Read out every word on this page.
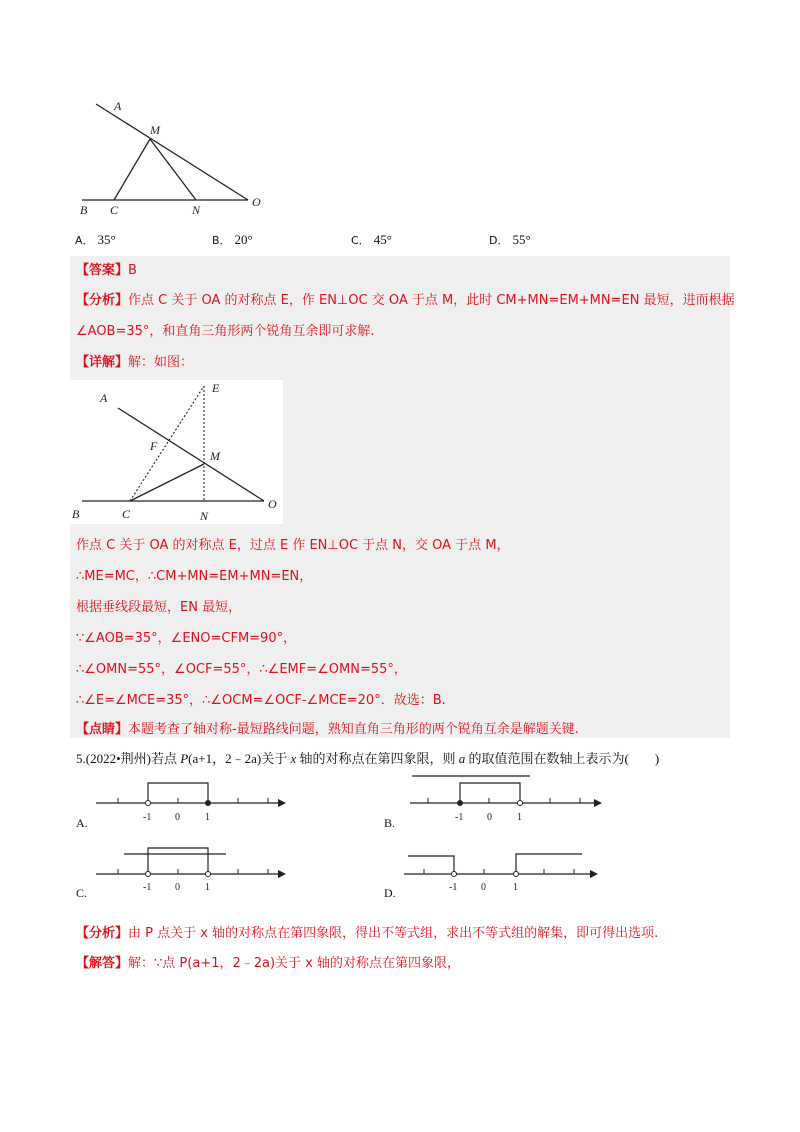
A
M
B C	N
O
A． 35°	B． 20°	C． 45°	D． 55°
【答案】B
【分析】作点 C 关于 OA 的对称点 E，作 EN⊥OC 交 OA 于点 M，此时 CM+MN=EM+MN=EN 最短，进而根据
∠AOB=35°，和直角三角形两个锐角互余即可求解.
【详解】解：如图：
A
E
F
M
B	C	N
O
作点 C 关于 OA 的对称点 E，过点 E 作 EN⊥OC 于点 N，交 OA 于点 M，
∴ME=MC，∴CM+MN=EM+MN=EN，
根据垂线段最短，EN 最短，
∵∠AOB=35°，∠ENO=CFM=90°，
∴∠OMN=55°，∠OCF=55°，∴∠EMF=∠OMN=55°，
∴∠E=∠MCE=35°，∴∠OCM=∠OCF-∠MCE=20°．故选：B.
【点睛】本题考查了轴对称-最短路线问题，熟知直角三角形的两个锐角互余是解题关键.
5.(2022•荆州)若点 P(a+1，2﹣2a)关于 x 轴的对称点在第四象限，则 a 的取值范围在数轴上表示为(　　)
A.	-1 0	1	B.	-1 0	1
C.	-1 0	1	D.	-1 0	1
【分析】由 P 点关于 x 轴的对称点在第四象限，得出不等式组，求出不等式组的解集，即可得出选项.
【解答】解：∵点 P(a+1，2﹣2a)关于 x 轴的对称点在第四象限，
